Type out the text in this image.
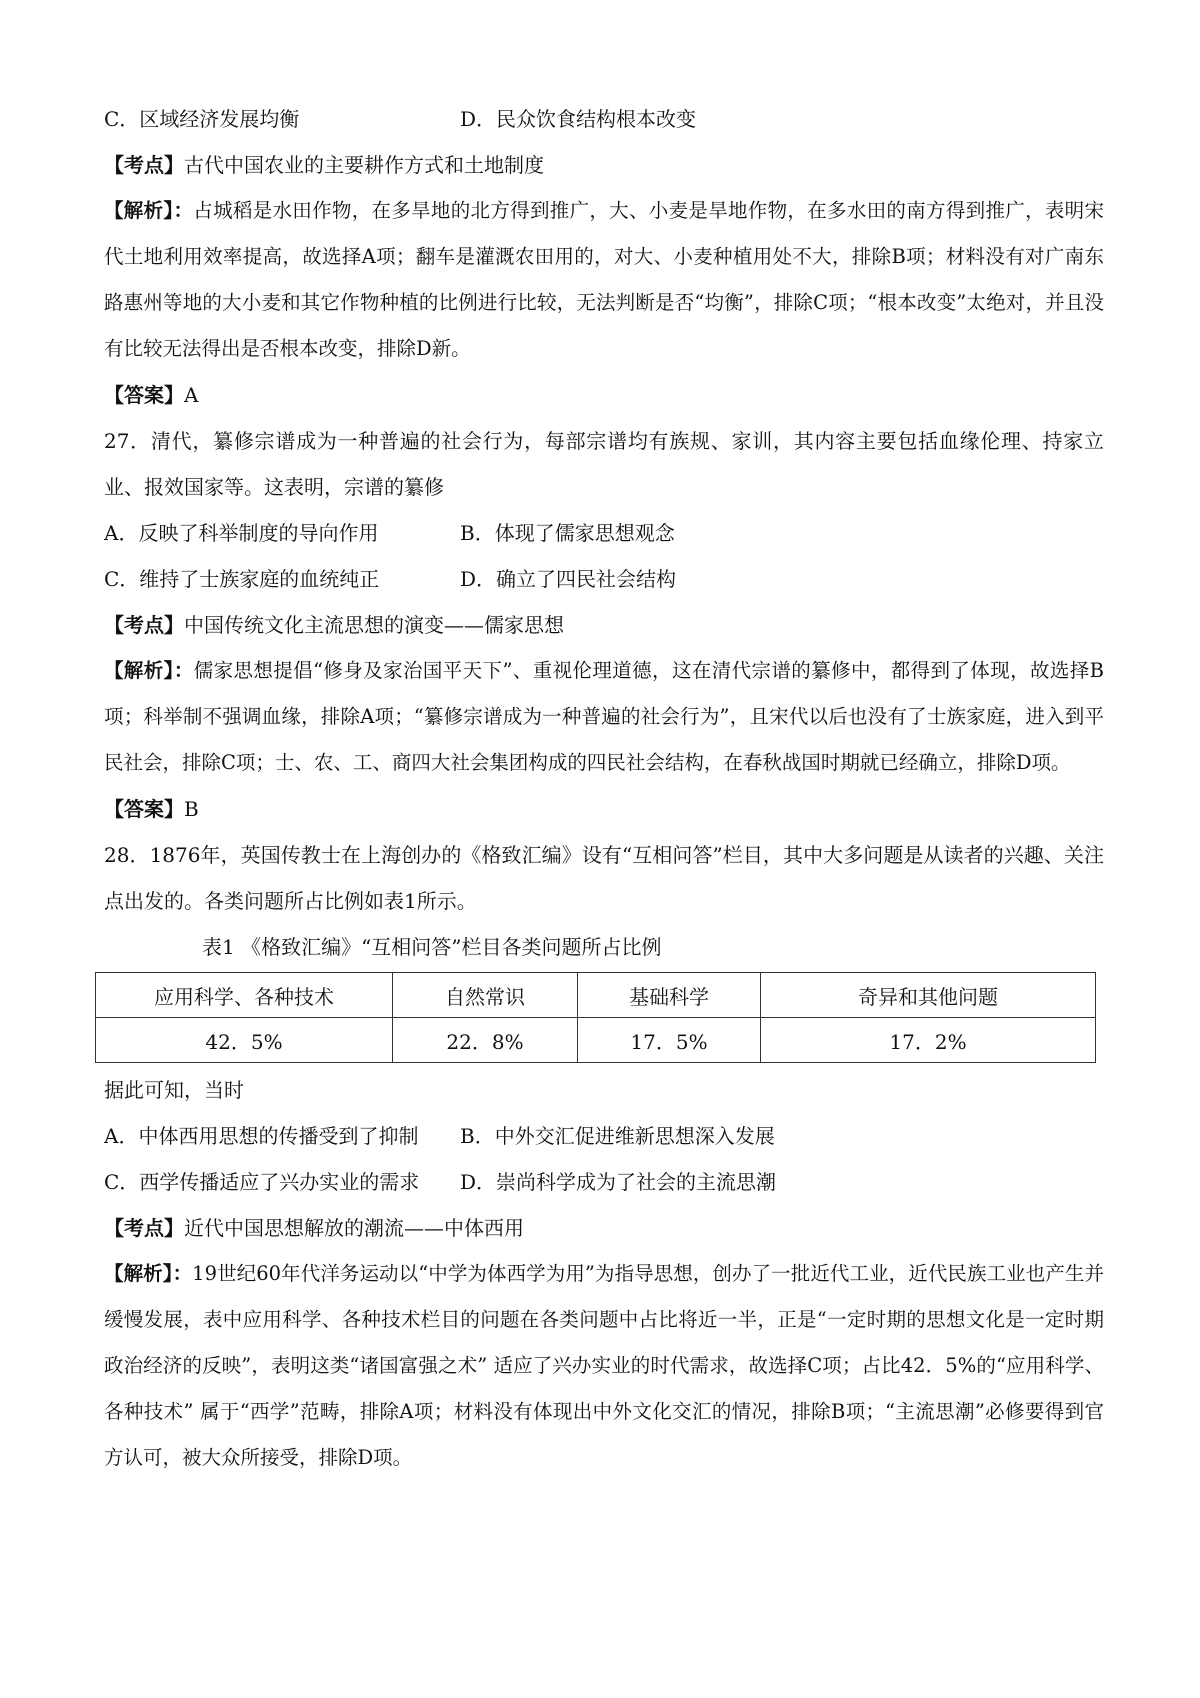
C．区域经济发展均衡	D．民众饮食结构根本改变
【考点】古代中国农业的主要耕作方式和土地制度
【解析】：占城稻是水田作物，在多旱地的北方得到推广，大、小麦是旱地作物，在多水田的南方得到推广，表明宋代土地利用效率提高，故选择A项；翻车是灌溉农田用的，对大、小麦种植用处不大，排除B项；材料没有对广南东路惠州等地的大小麦和其它作物种植的比例进行比较，无法判断是否“均衡”，排除C项；“根本改变”太绝对，并且没有比较无法得出是否根本改变，排除D新。
【答案】A
27．清代，纂修宗谱成为一种普遍的社会行为，每部宗谱均有族规、家训，其内容主要包括血缘伦理、持家立业、报效国家等。这表明，宗谱的纂修
A．反映了科举制度的导向作用	B．体现了儒家思想观念
C．维持了士族家庭的血统纯正	D．确立了四民社会结构
【考点】中国传统文化主流思想的演变——儒家思想
【解析】：儒家思想提倡“修身及家治国平天下”、重视伦理道德，这在清代宗谱的纂修中，都得到了体现，故选择B项；科举制不强调血缘，排除A项；“纂修宗谱成为一种普遍的社会行为”，且宋代以后也没有了士族家庭，进入到平民社会，排除C项；士、农、工、商四大社会集团构成的四民社会结构，在春秋战国时期就已经确立，排除D项。
【答案】B
28．1876年，英国传教士在上海创办的《格致汇编》设有“互相问答”栏目，其中大多问题是从读者的兴趣、关注点出发的。各类问题所占比例如表1所示。
表1 《格致汇编》“互相问答”栏目各类问题所占比例
应用科学、各种技术	自然常识	基础科学	奇异和其他问题
42．5%	22．8%	17．5%	17．2%
据此可知，当时
A．中体西用思想的传播受到了抑制	B．中外交汇促进维新思想深入发展
C．西学传播适应了兴办实业的需求	D．崇尚科学成为了社会的主流思潮
【考点】近代中国思想解放的潮流——中体西用
【解析】：19世纪60年代洋务运动以“中学为体西学为用”为指导思想，创办了一批近代工业，近代民族工业也产生并缓慢发展，表中应用科学、各种技术栏目的问题在各类问题中占比将近一半，正是“一定时期的思想文化是一定时期政治经济的反映”，表明这类“诸国富强之术” 适应了兴办实业的时代需求，故选择C项；占比42．5%的“应用科学、各种技术” 属于“西学”范畴，排除A项；材料没有体现出中外文化交汇的情况，排除B项；“主流思潮”必修要得到官方认可，被大众所接受，排除D项。
